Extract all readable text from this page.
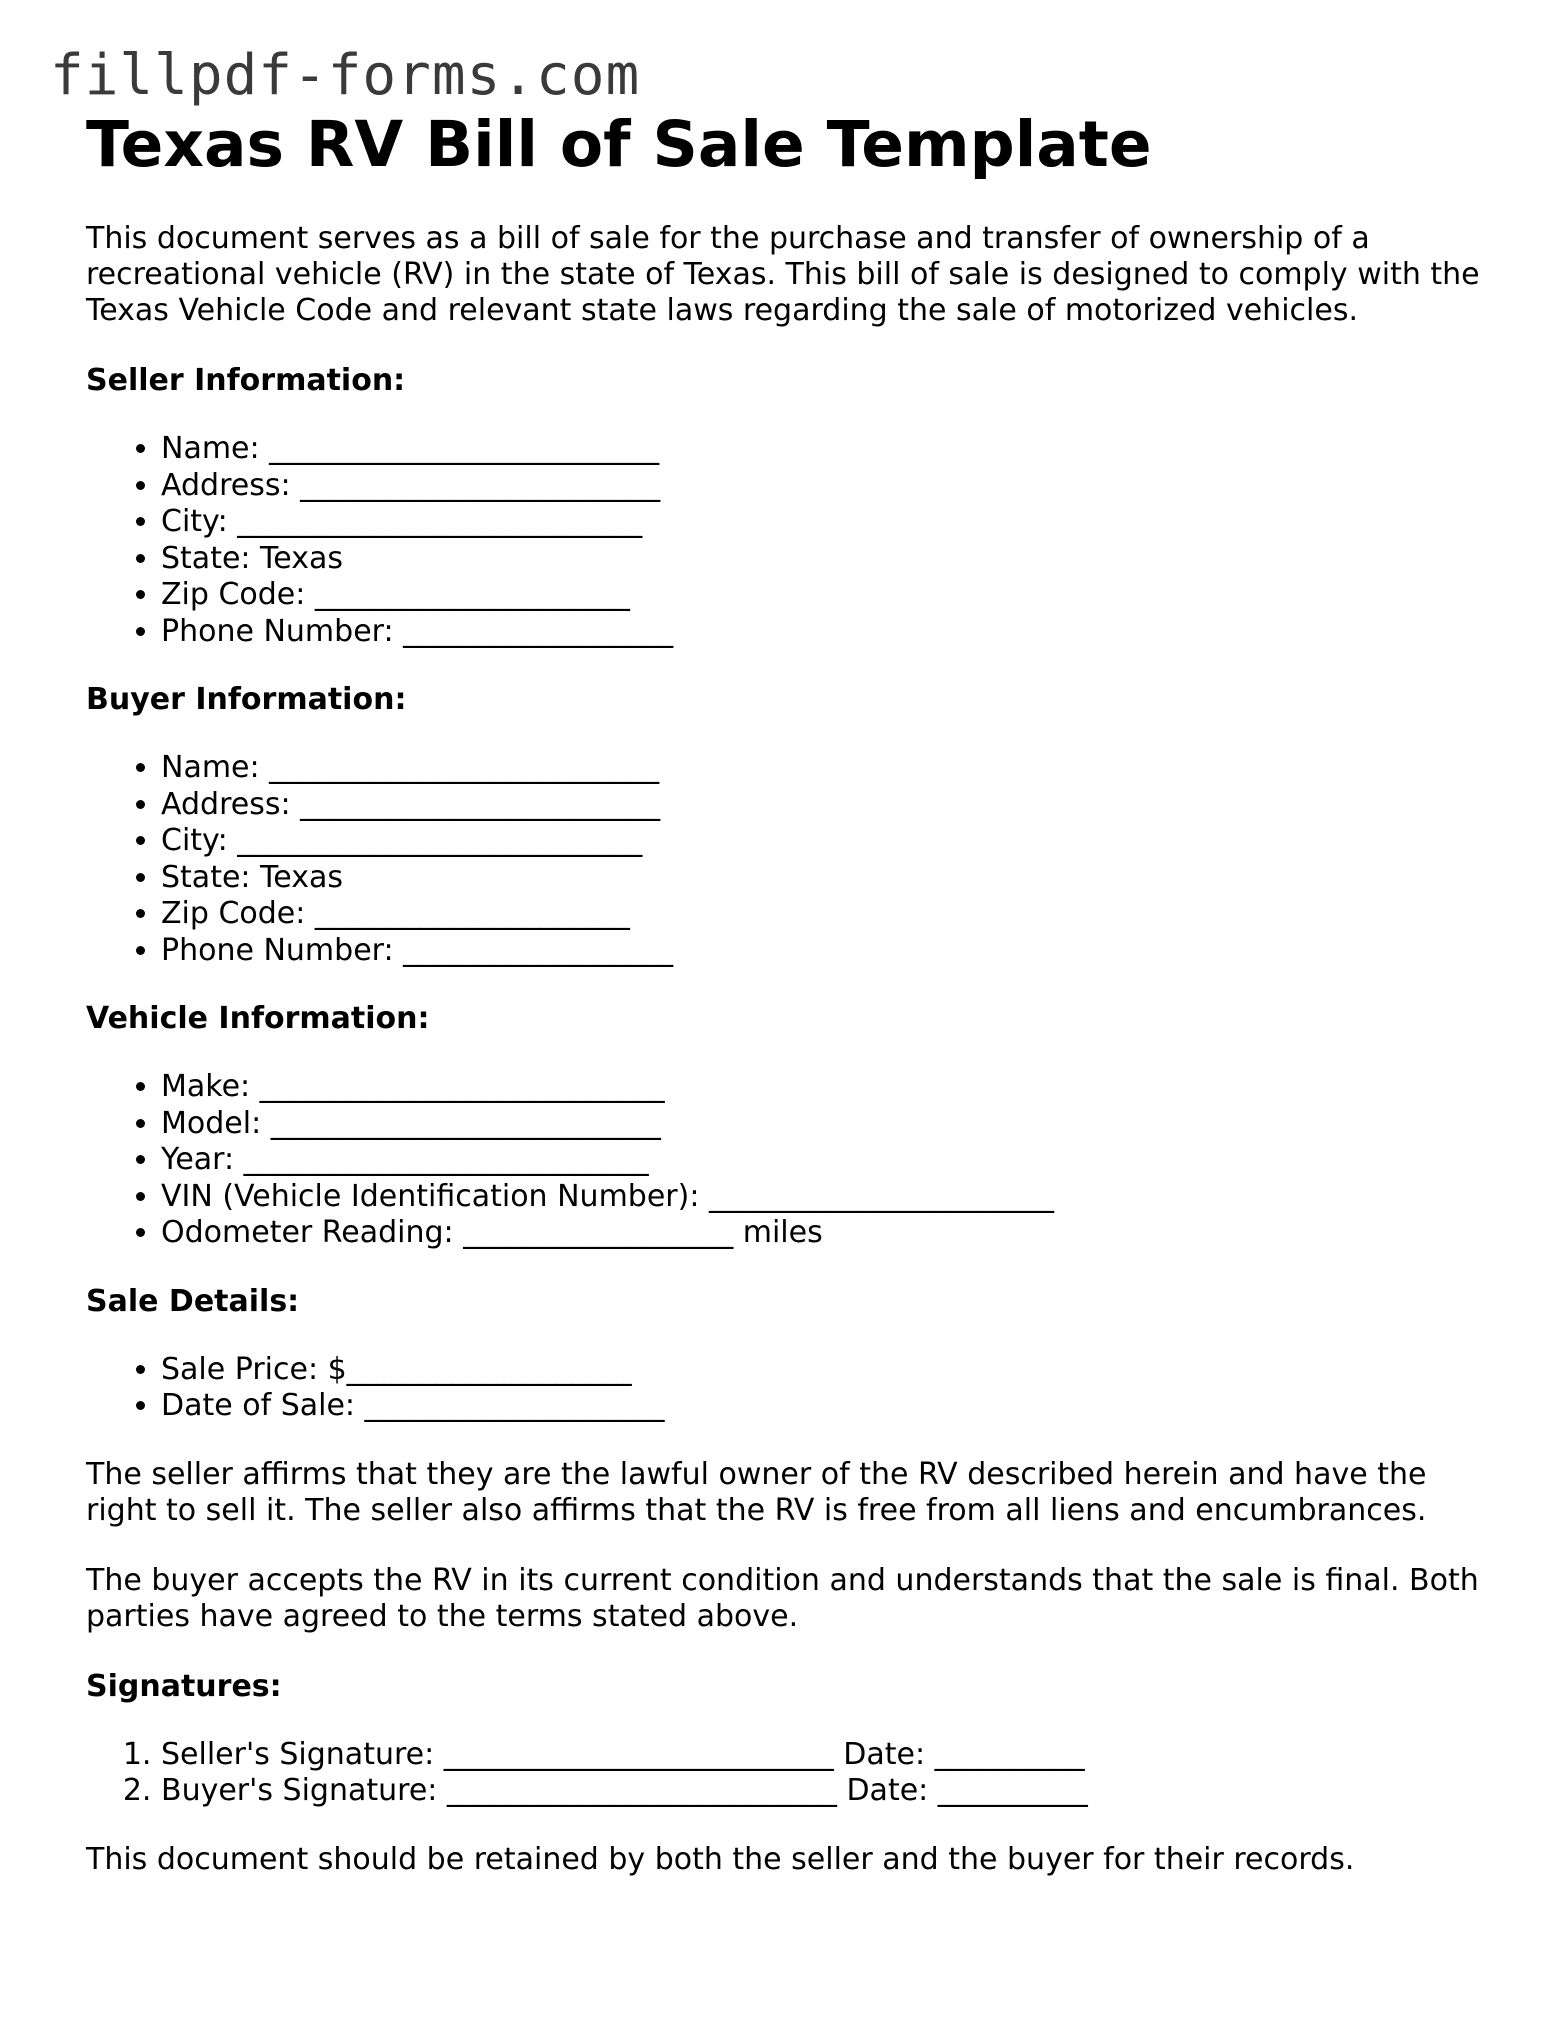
fillpdf-forms.com
Texas RV Bill of Sale Template

This document serves as a bill of sale for the purchase and transfer of ownership of a recreational vehicle (RV) in the state of Texas. This bill of sale is designed to comply with the Texas Vehicle Code and relevant state laws regarding the sale of motorized vehicles.

Seller Information:
• Name: __________________________
• Address: ________________________
• City: ___________________________
• State: Texas
• Zip Code: _____________________
• Phone Number: __________________
Buyer Information:
• Name: __________________________
• Address: ________________________
• City: ___________________________
• State: Texas
• Zip Code: _____________________
• Phone Number: __________________
Vehicle Information:
• Make: ___________________________
• Model: __________________________
• Year: ___________________________
• VIN (Vehicle Identification Number): _______________________
• Odometer Reading: __________________ miles
Sale Details:
• Sale Price: $___________________
• Date of Sale: ____________________

The seller affirms that they are the lawful owner of the RV described herein and have the right to sell it. The seller also affirms that the RV is free from all liens and encumbrances.

The buyer accepts the RV in its current condition and understands that the sale is final. Both parties have agreed to the terms stated above.

Signatures:
1. Seller's Signature: __________________________ Date: __________
2. Buyer's Signature: __________________________ Date: __________

This document should be retained by both the seller and the buyer for their records.
